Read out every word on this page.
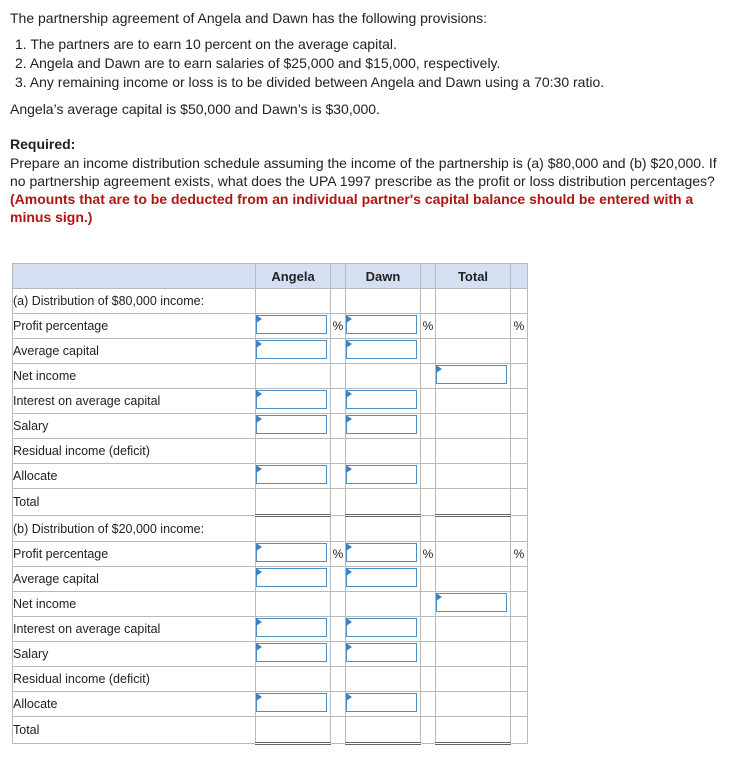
The partnership agreement of Angela and Dawn has the following provisions:

1. The partners are to earn 10 percent on the average capital.
2. Angela and Dawn are to earn salaries of $25,000 and $15,000, respectively.
3. Any remaining income or loss is to be divided between Angela and Dawn using a 70:30 ratio.

Angela’s average capital is $50,000 and Dawn’s is $30,000.

Required:

Prepare an income distribution schedule assuming the income of the partnership is (a) $80,000 and (b) $20,000. If no partnership agreement exists, what does the UPA 1997 prescribe as the profit or loss distribution percentages? (Amounts that are to be deducted from an individual partner's capital balance should be entered with a minus sign.)

	Angela		Dawn		Total	
(a) Distribution of $80,000 income:						
Profit percentage		%		%		%
Average capital	

Net income					

Interest on average capital	

Salary	

Residual income (deficit)						
Allocate	

Total						
(b) Distribution of $20,000 income:						
Profit percentage		%		%		%
Average capital	

Net income					

Interest on average capital	

Salary	

Residual income (deficit)						
Allocate	

Total						
